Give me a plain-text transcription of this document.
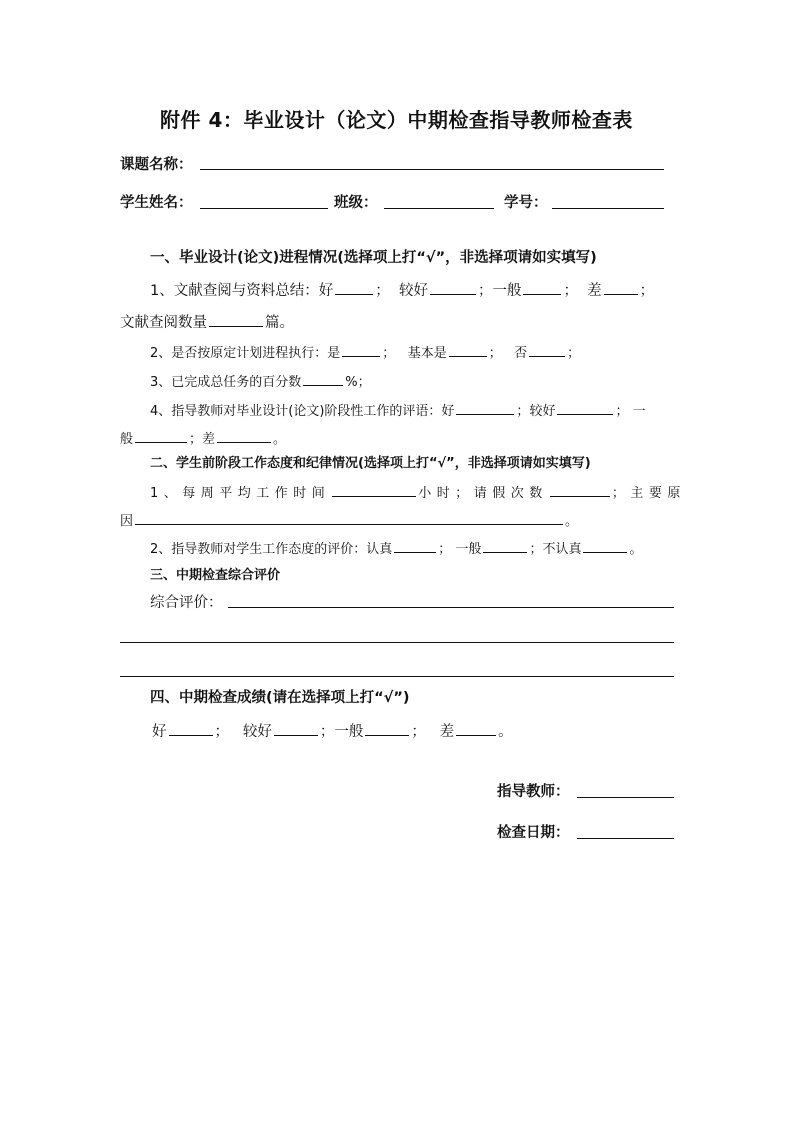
附件 4：毕业设计（论文）中期检查指导教师检查表
课题名称：
学生姓名：	班级：	学号：
一、毕业设计(论文)进程情况(选择项上打“√”，非选择项请如实填写)
1、文献查阅与资料总结：好	； 较好	；一般	； 差	；
文献查阅数量	篇。
2、是否按原定计划进程执行：是	； 基本是	； 否	；
3、已完成总任务的百分数	%；
4、指导教师对毕业设计(论文)阶段性工作的评语：好	；较好	； 一
般	；差	。
二、学生前阶段工作态度和纪律情况(选择项上打“√”，非选择项请如实填写)
1、每周平均工作时间	小时；请假次数	；主要原
因	。
2、指导教师对学生工作态度的评价：认真	； 一般	；不认真	。
三、中期检查综合评价
综合评价：
四、中期检查成绩(请在选择项上打“√”)
好	； 较好	；一般	； 差	。
指导教师：
检查日期：
